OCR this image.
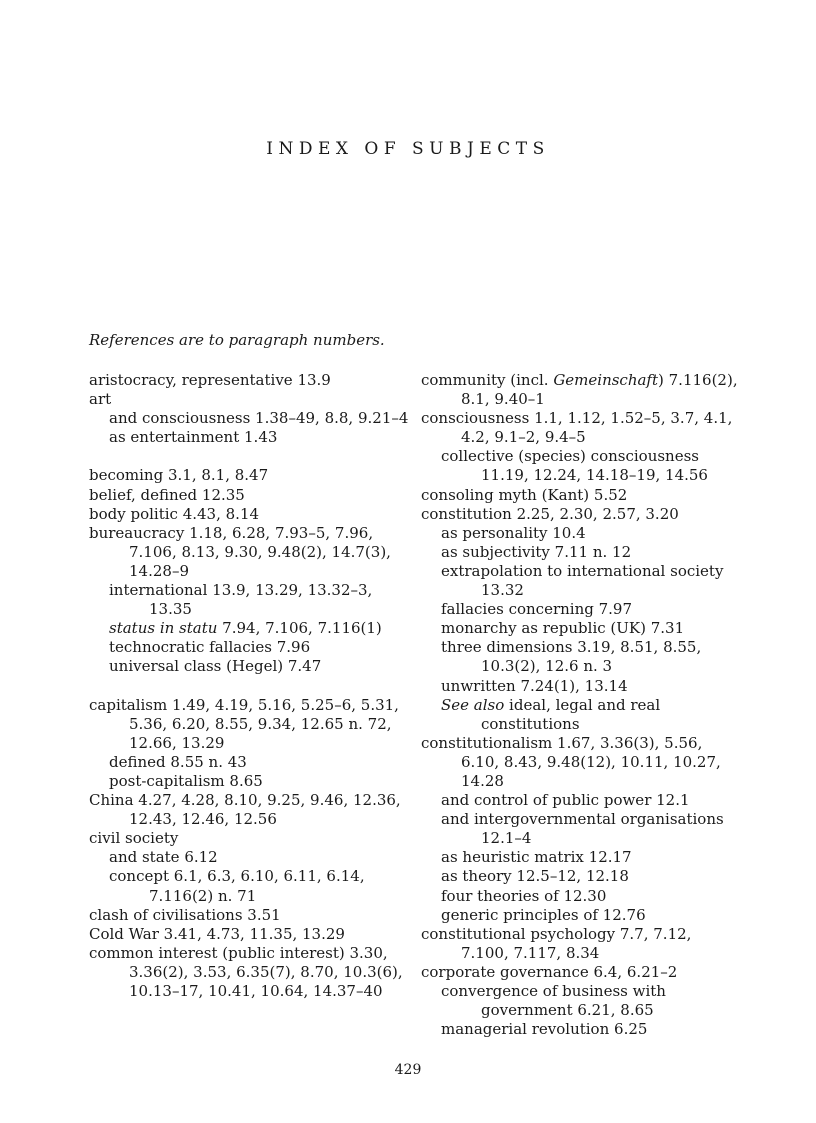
INDEX OF SUBJECTS
References are to paragraph numbers.
aristocracy, representative 13.9
art
and consciousness 1.38–49, 8.8, 9.21–4
as entertainment 1.43
becoming 3.1, 8.1, 8.47
belief, defined 12.35
body politic 4.43, 8.14
bureaucracy 1.18, 6.28, 7.93–5, 7.96, 7.106, 8.13, 9.30, 9.48(2), 14.7(3), 14.28–9
international 13.9, 13.29, 13.32–3, 13.35
status in statu 7.94, 7.106, 7.116(1)
technocratic fallacies 7.96
universal class (Hegel) 7.47
capitalism 1.49, 4.19, 5.16, 5.25–6, 5.31, 5.36, 6.20, 8.55, 9.34, 12.65 n. 72, 12.66, 13.29
defined 8.55 n. 43
post-capitalism 8.65
China 4.27, 4.28, 8.10, 9.25, 9.46, 12.36, 12.43, 12.46, 12.56
civil society
and state 6.12
concept 6.1, 6.3, 6.10, 6.11, 6.14, 7.116(2) n. 71
clash of civilisations 3.51
Cold War 3.41, 4.73, 11.35, 13.29
common interest (public interest) 3.30, 3.36(2), 3.53, 6.35(7), 8.70, 10.3(6), 10.13–17, 10.41, 10.64, 14.37–40
community (incl. Gemeinschaft) 7.116(2), 8.1, 9.40–1
consciousness 1.1, 1.12, 1.52–5, 3.7, 4.1, 4.2, 9.1–2, 9.4–5
collective (species) consciousness 11.19, 12.24, 14.18–19, 14.56
consoling myth (Kant) 5.52
constitution 2.25, 2.30, 2.57, 3.20
as personality 10.4
as subjectivity 7.11 n. 12
extrapolation to international society 13.32
fallacies concerning 7.97
monarchy as republic (UK) 7.31
three dimensions 3.19, 8.51, 8.55, 10.3(2), 12.6 n. 3
unwritten 7.24(1), 13.14
See also ideal, legal and real constitutions
constitutionalism 1.67, 3.36(3), 5.56, 6.10, 8.43, 9.48(12), 10.11, 10.27, 14.28
and control of public power 12.1
and intergovernmental organisations 12.1–4
as heuristic matrix 12.17
as theory 12.5–12, 12.18
four theories of 12.30
generic principles of 12.76
constitutional psychology 7.7, 7.12, 7.100, 7.117, 8.34
corporate governance 6.4, 6.21–2
convergence of business with government 6.21, 8.65
managerial revolution 6.25
429
